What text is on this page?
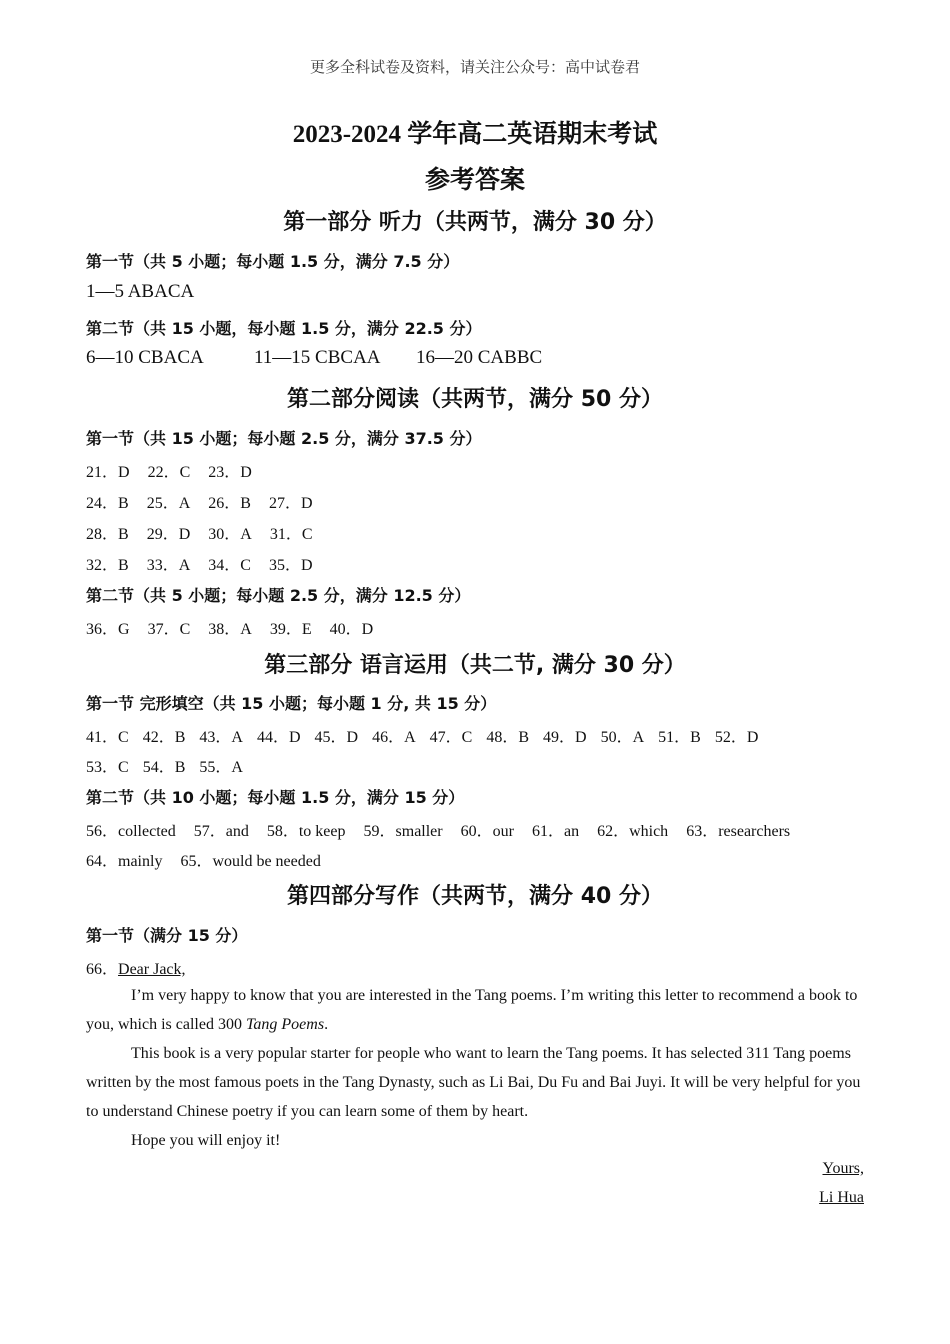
更多全科试卷及资料，请关注公众号：高中试卷君
2023-2024 学年高二英语期末考试
参考答案
第一部分 听力（共两节，满分 30 分）
第一节（共 5 小题；每小题 1.5 分，满分 7.5 分）
1—5 ABACA
第二节（共 15 小题，每小题 1.5 分，满分 22.5 分）
6—10 CBACA	11—15 CBCAA 16—20 CABBC
第二部分阅读（共两节，满分 50 分）
第一节（共 15 小题；每小题 2.5 分，满分 37.5 分）
21．D 22．C 23．D
24．B 25．A 26．B 27．D
28．B 29．D 30．A 31．C
32．B 33．A 34．C 35．D
第二节（共 5 小题；每小题 2.5 分，满分 12.5 分）
36．G 37．C 38．A 39．E 40．D
第三部分 语言运用（共二节, 满分 30 分）
第一节 完形填空（共 15 小题；每小题 1 分, 共 15 分）
41．C 42．B 43．A 44．D 45．D 46．A 47．C 48．B 49．D 50．A 51．B 52．D
53．C 54．B 55．A
第二节（共 10 小题；每小题 1.5 分，满分 15 分）
56．collected 57．and 58．to keep 59．smaller 60．our 61．an 62．which 63．researchers
64．mainly 65．would be needed
第四部分写作（共两节，满分 40 分）
第一节（满分 15 分）
66．Dear Jack,
I’m very happy to know that you are interested in the Tang poems. I’m writing this letter to recommend a book to you, which is called 300 Tang Poems.
This book is a very popular starter for people who want to learn the Tang poems. It has selected 311 Tang poems written by the most famous poets in the Tang Dynasty, such as Li Bai, Du Fu and Bai Juyi. It will be very helpful for you to understand Chinese poetry if you can learn some of them by heart.
Hope you will enjoy it!
Yours,
Li Hua
